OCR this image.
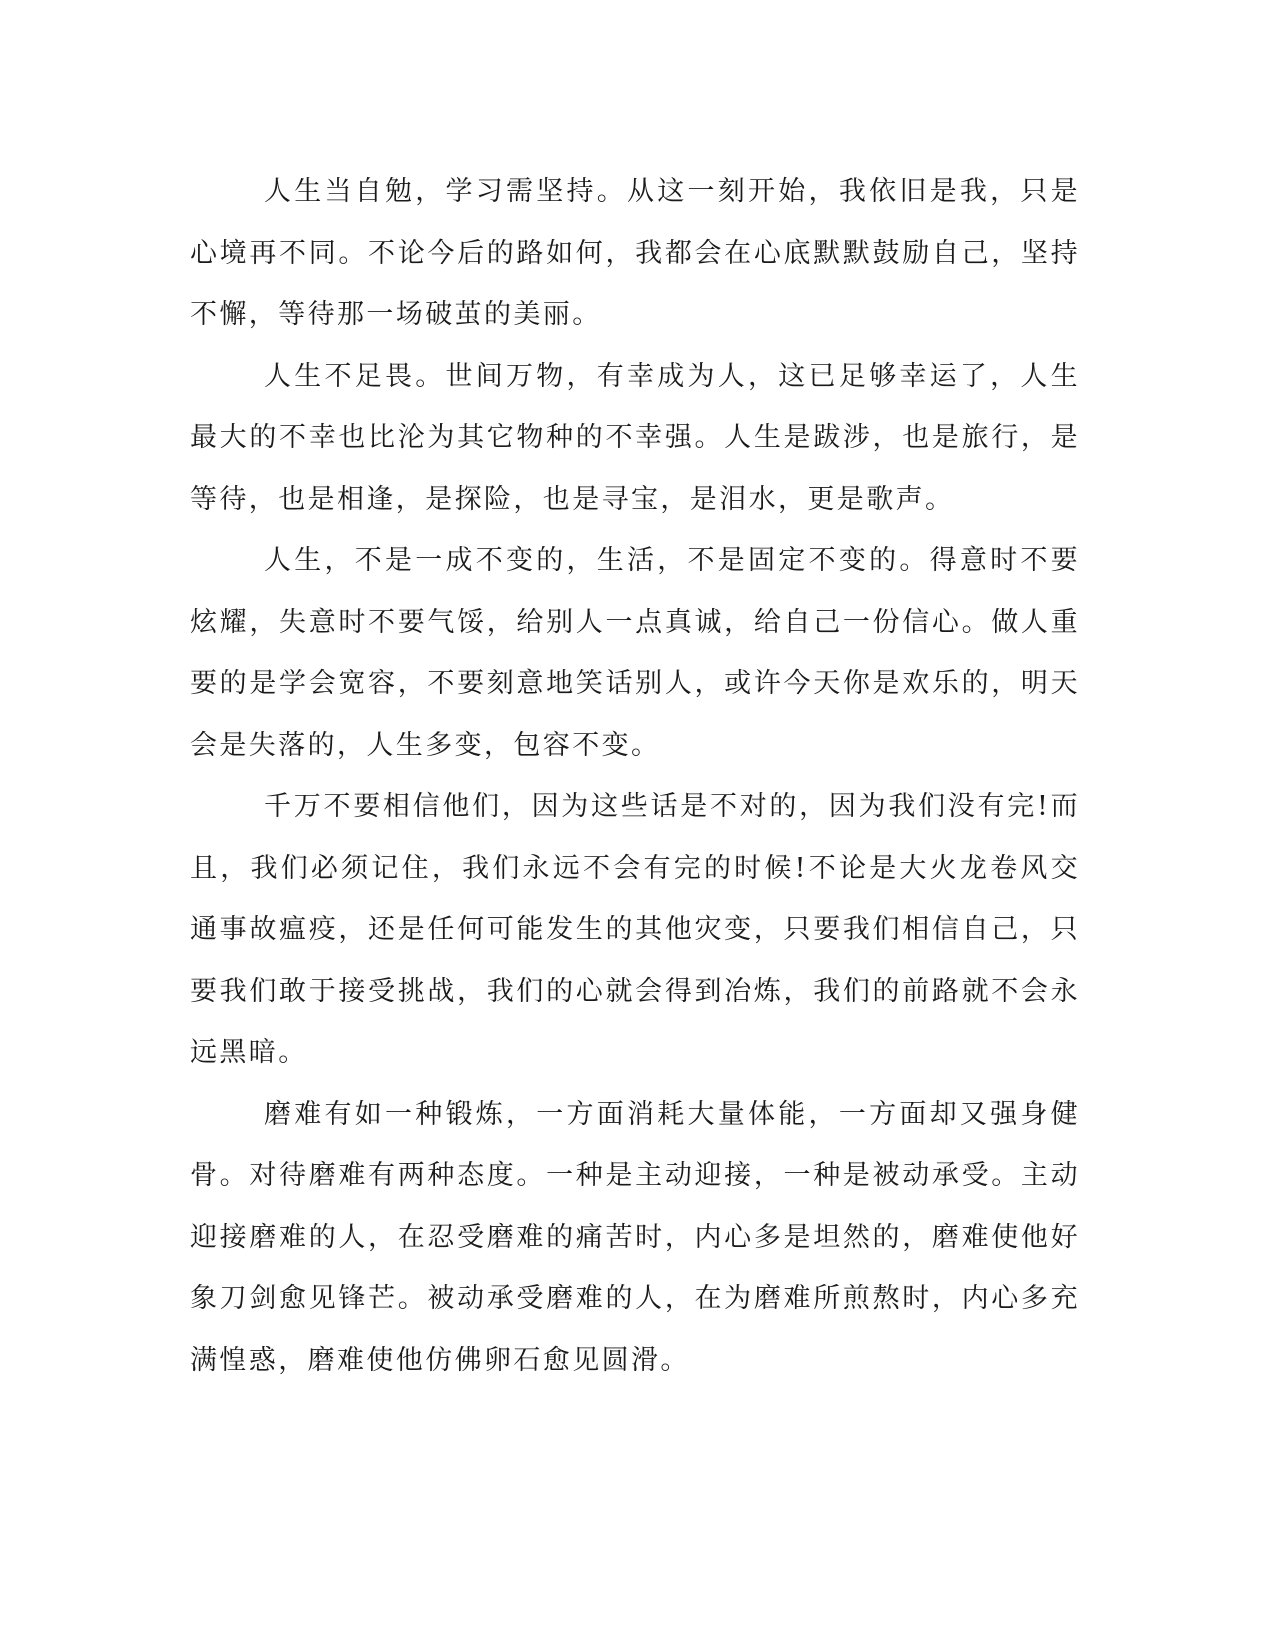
人生当自勉，学习需坚持。从这一刻开始，我依旧是我，只是心境再不同。不论今后的路如何，我都会在心底默默鼓励自己，坚持不懈，等待那一场破茧的美丽。

人生不足畏。世间万物，有幸成为人，这已足够幸运了，人生最大的不幸也比沦为其它物种的不幸强。人生是跋涉，也是旅行，是等待，也是相逢，是探险，也是寻宝，是泪水，更是歌声。

人生，不是一成不变的，生活，不是固定不变的。得意时不要炫耀，失意时不要气馁，给别人一点真诚，给自己一份信心。做人重要的是学会宽容，不要刻意地笑话别人，或许今天你是欢乐的，明天会是失落的，人生多变，包容不变。

千万不要相信他们，因为这些话是不对的，因为我们没有完!而且，我们必须记住，我们永远不会有完的时候!不论是大火龙卷风交通事故瘟疫，还是任何可能发生的其他灾变，只要我们相信自己，只要我们敢于接受挑战，我们的心就会得到冶炼，我们的前路就不会永远黑暗。

磨难有如一种锻炼，一方面消耗大量体能，一方面却又强身健骨。对待磨难有两种态度。一种是主动迎接，一种是被动承受。主动迎接磨难的人，在忍受磨难的痛苦时，内心多是坦然的，磨难使他好象刀剑愈见锋芒。被动承受磨难的人，在为磨难所煎熬时，内心多充满惶惑，磨难使他仿佛卵石愈见圆滑。
